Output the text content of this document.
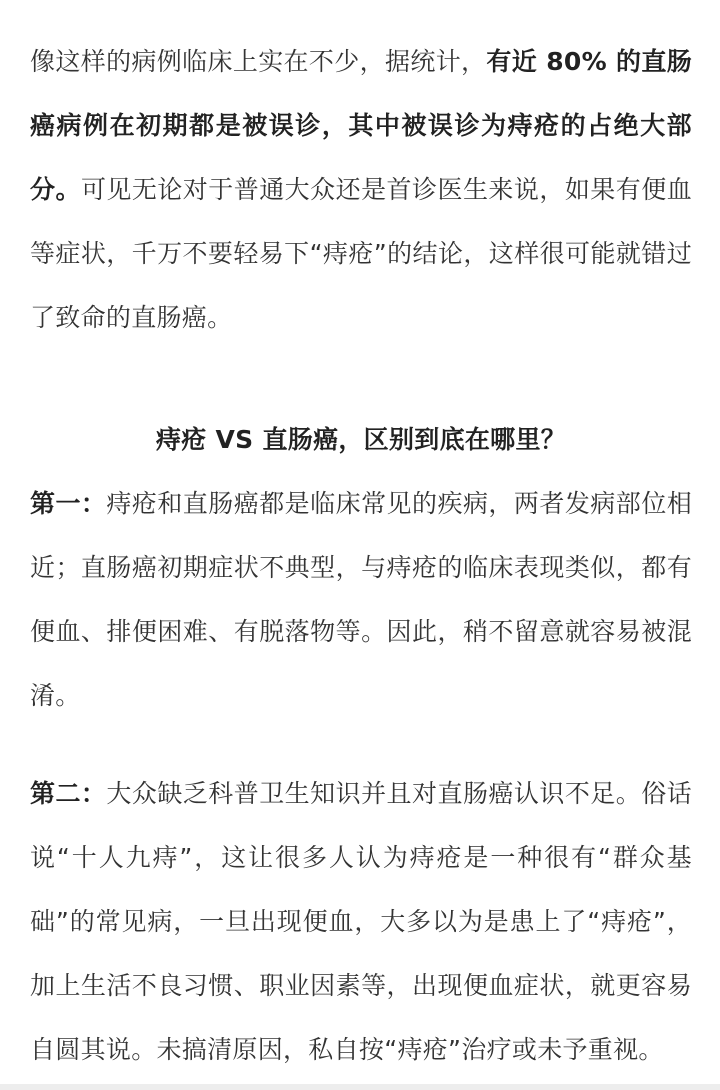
像这样的病例临床上实在不少，据统计，有近 80% 的直肠癌病例在初期都是被误诊，其中被误诊为痔疮的占绝大部分。可见无论对于普通大众还是首诊医生来说，如果有便血等症状，千万不要轻易下“痔疮”的结论，这样很可能就错过了致命的直肠癌。

痔疮 VS 直肠癌，区别到底在哪里？

第一：痔疮和直肠癌都是临床常见的疾病，两者发病部位相近；直肠癌初期症状不典型，与痔疮的临床表现类似，都有便血、排便困难、有脱落物等。因此，稍不留意就容易被混淆。

第二：大众缺乏科普卫生知识并且对直肠癌认识不足。俗话说“十人九痔”，这让很多人认为痔疮是一种很有“群众基础”的常见病，一旦出现便血，大多以为是患上了“痔疮”，加上生活不良习惯、职业因素等，出现便血症状，就更容易自圆其说。未搞清原因，私自按“痔疮”治疗或未予重视。
